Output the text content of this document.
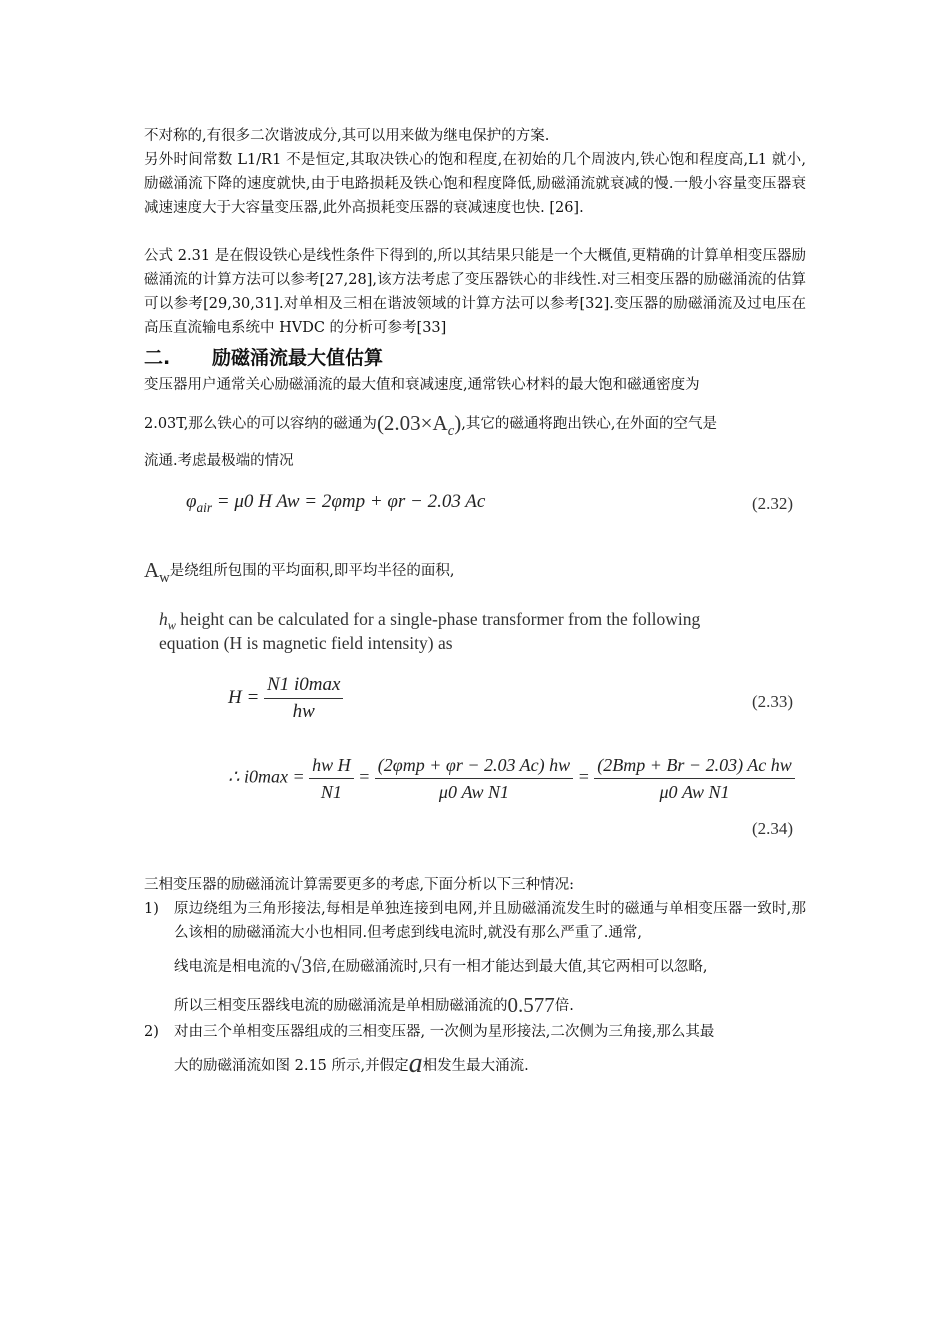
不对称的,有很多二次谐波成分,其可以用来做为继电保护的方案.

另外时间常数 L1/R1 不是恒定,其取决铁心的饱和程度,在初始的几个周波内,铁心饱和程度高,L1 就小,励磁涌流下降的速度就快,由于电路损耗及铁心饱和程度降低,励磁涌流就衰减的慢.一般小容量变压器衰减速速度大于大容量变压器,此外高损耗变压器的衰减速度也快. [26].

公式 2.31 是在假设铁心是线性条件下得到的,所以其结果只能是一个大概值,更精确的计算单相变压器励磁涌流的计算方法可以参考[27,28],该方法考虑了变压器铁心的非线性.对三相变压器的励磁涌流的估算可以参考[29,30,31].对单相及三相在谐波领域的计算方法可以参考[32].变压器的励磁涌流及过电压在高压直流输电系统中 HVDC 的分析可参考[33]

二. 励磁涌流最大值估算

变压器用户通常关心励磁涌流的最大值和衰减速度,通常铁心材料的最大饱和磁通密度为

2.03T,那么铁心的可以容纳的磁通为$(2.03\times A_c)$,其它的磁通将跑出铁心,在外面的空气是

流通.考虑最极端的情况

$\varphi_{air} = \mu 0$ H Aw = 2φmp + φr − 2.03 Ac	(2.32)
$A_w$是绕组所包围的平均面积,即平均半径的面积,
$h_w$ height can be calculated for a single-phase transformer from the following
equation (H is magnetic field intensity) as
$H = \frac{N1 i0\max}{hw}$	(2.33)
∴ $i0\max = \frac{\text{hw H}}{N1} = \frac{\text{(2φmp + φr − 2.03 Ac) hw}}{\text{μ0 Aw N1}} = \frac{\text{(2Bmp + Br − 2.03) Ac hw}}{\text{μ0 Aw N1}}$
(2.34)

三相变压器的励磁涌流计算需要更多的考虑,下面分析以下三种情况:

1) 原边绕组为三角形接法,每相是单独连接到电网,并且励磁涌流发生时的磁通与单相变压器一致时,那么该相的励磁涌流大小也相同.但考虑到线电流时,就没有那么严重了.通常,
线电流是相电流的√3倍,在励磁涌流时,只有一相才能达到最大值,其它两相可以忽略,
所以三相变压器线电流的励磁涌流是单相励磁涌流的0.577倍.
2) 对由三个单相变压器组成的三相变压器, 一次侧为星形接法,二次侧为三角接,那么其最
大的励磁涌流如图 2.15 所示,并假定a相发生最大涌流.
